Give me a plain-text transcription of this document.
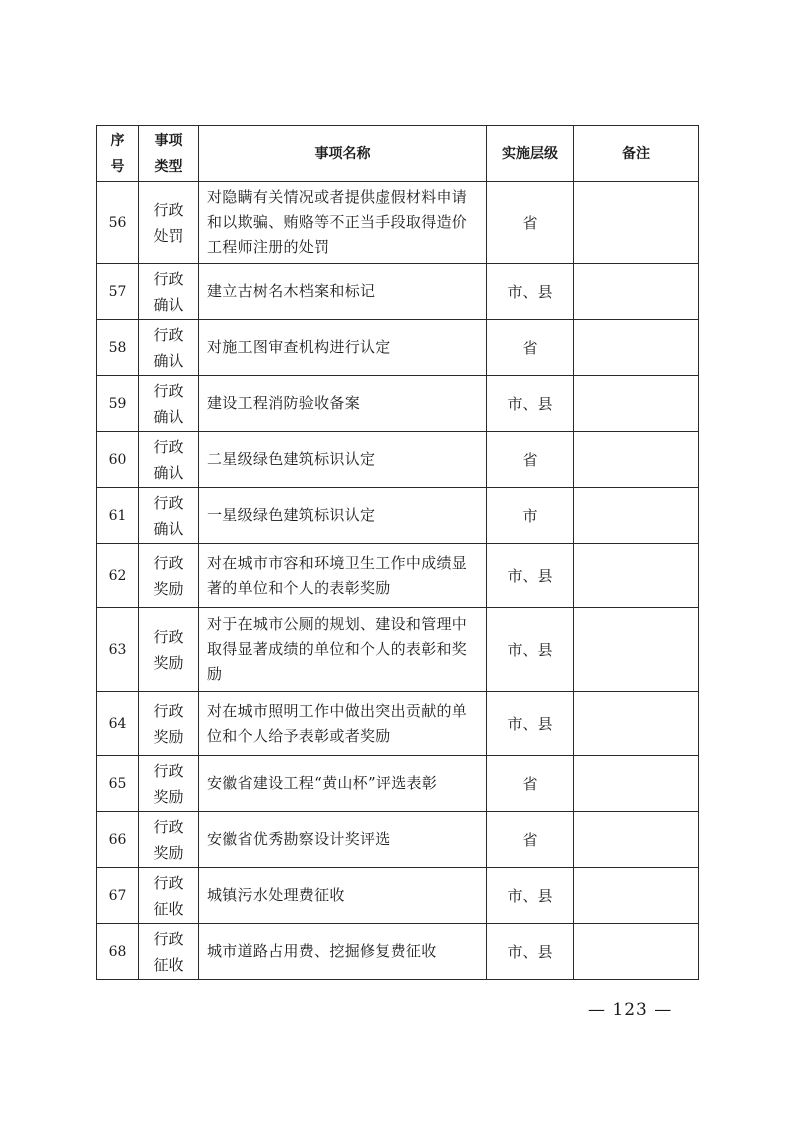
序号	事项类型	事项名称	实施层级	备注
56	行政处罚	对隐瞒有关情况或者提供虚假材料申请和以欺骗、贿赂等不正当手段取得造价工程师注册的处罚	省	
57	行政确认	建立古树名木档案和标记	市、县	
58	行政确认	对施工图审查机构进行认定	省	
59	行政确认	建设工程消防验收备案	市、县	
60	行政确认	二星级绿色建筑标识认定	省	
61	行政确认	一星级绿色建筑标识认定	市	
62	行政奖励	对在城市市容和环境卫生工作中成绩显著的单位和个人的表彰奖励	市、县	
63	行政奖励	对于在城市公厕的规划、建设和管理中取得显著成绩的单位和个人的表彰和奖励	市、县	
64	行政奖励	对在城市照明工作中做出突出贡献的单位和个人给予表彰或者奖励	市、县	
65	行政奖励	安徽省建设工程“黄山杯”评选表彰	省	
66	行政奖励	安徽省优秀勘察设计奖评选	省	
67	行政征收	城镇污水处理费征收	市、县	
68	行政征收	城市道路占用费、挖掘修复费征收	市、县	
— 123 —
